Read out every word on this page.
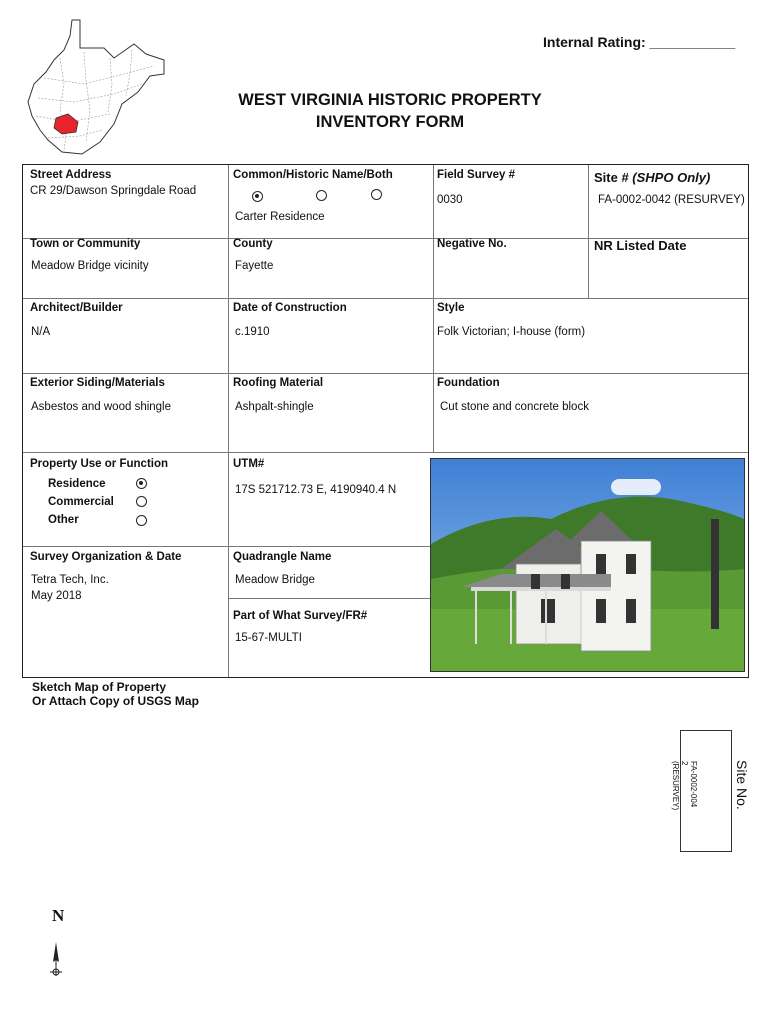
Internal Rating: ___________
WEST VIRGINIA HISTORIC PROPERTY
INVENTORY FORM
Street Address
CR 29/Dawson Springdale Road
Common/Historic Name/Both
Carter Residence
Field Survey #
0030
Site # (SHPO Only)
FA-0002-0042 (RESURVEY)
Town or Community
Meadow Bridge vicinity
County
Fayette
Negative No.	NR Listed Date
Architect/Builder
N/A
Date of Construction
c.1910
Style
Folk Victorian; I-house (form)
Exterior Siding/Materials
Asbestos and wood shingle
Roofing Material
Ashpalt-shingle
Foundation
Cut stone and concrete block
Property Use or Function
Residence
Commercial
Other
UTM#
17S 521712.73 E, 4190940.4 N
Survey Organization & Date
Tetra Tech, Inc.
May 2018
Quadrangle Name
Meadow Bridge
Part of What Survey/FR#
15-67-MULTI
Sketch Map of Property
Or Attach Copy of USGS Map
FA-0002-004
2
(RESURVEY)	Site No.
N
